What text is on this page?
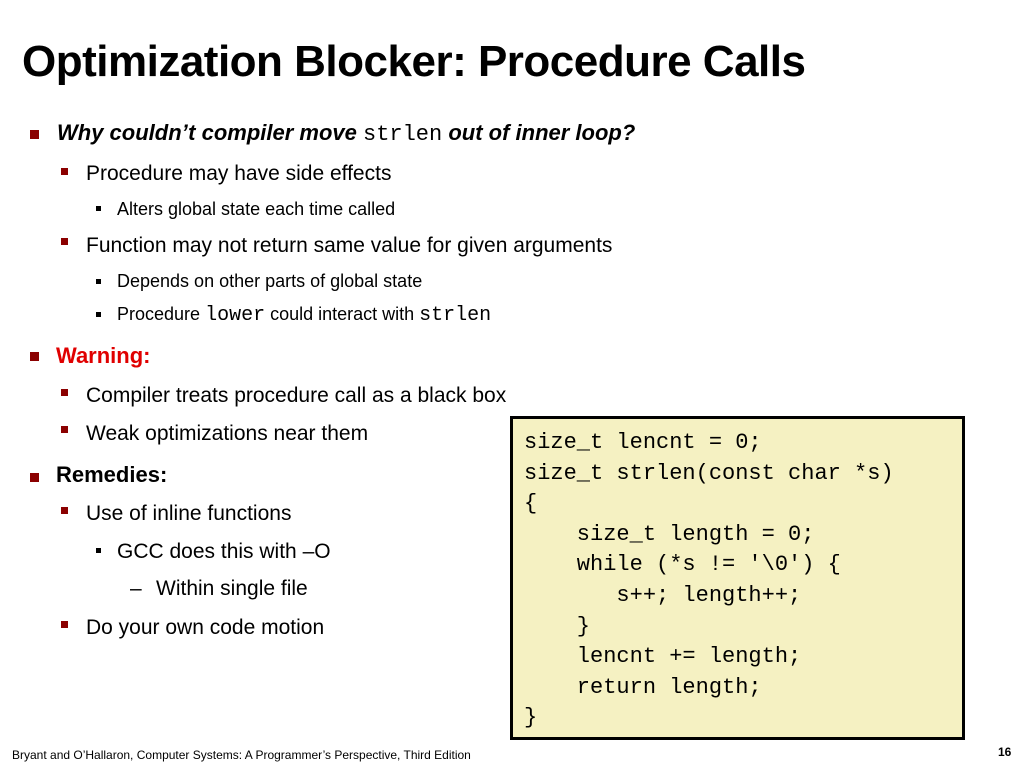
Optimization Blocker: Procedure Calls
Why couldn’t compiler move strlen out of inner loop?
Procedure may have side effects
Alters global state each time called
Function may not return same value for given arguments
Depends on other parts of global state
Procedure lower could interact with strlen
Warning:
Compiler treats procedure call as a black box
Weak optimizations near them
Remedies:
Use of inline functions
GCC does this with –O
– Within single file
Do your own code motion
size_t lencnt = 0;
size_t strlen(const char *s)
{
size_t length = 0;
while (*s != '\0') {
s++; length++;
}
lencnt += length;
return length;
}
Bryant and O’Hallaron, Computer Systems: A Programmer’s Perspective, Third Edition	16
